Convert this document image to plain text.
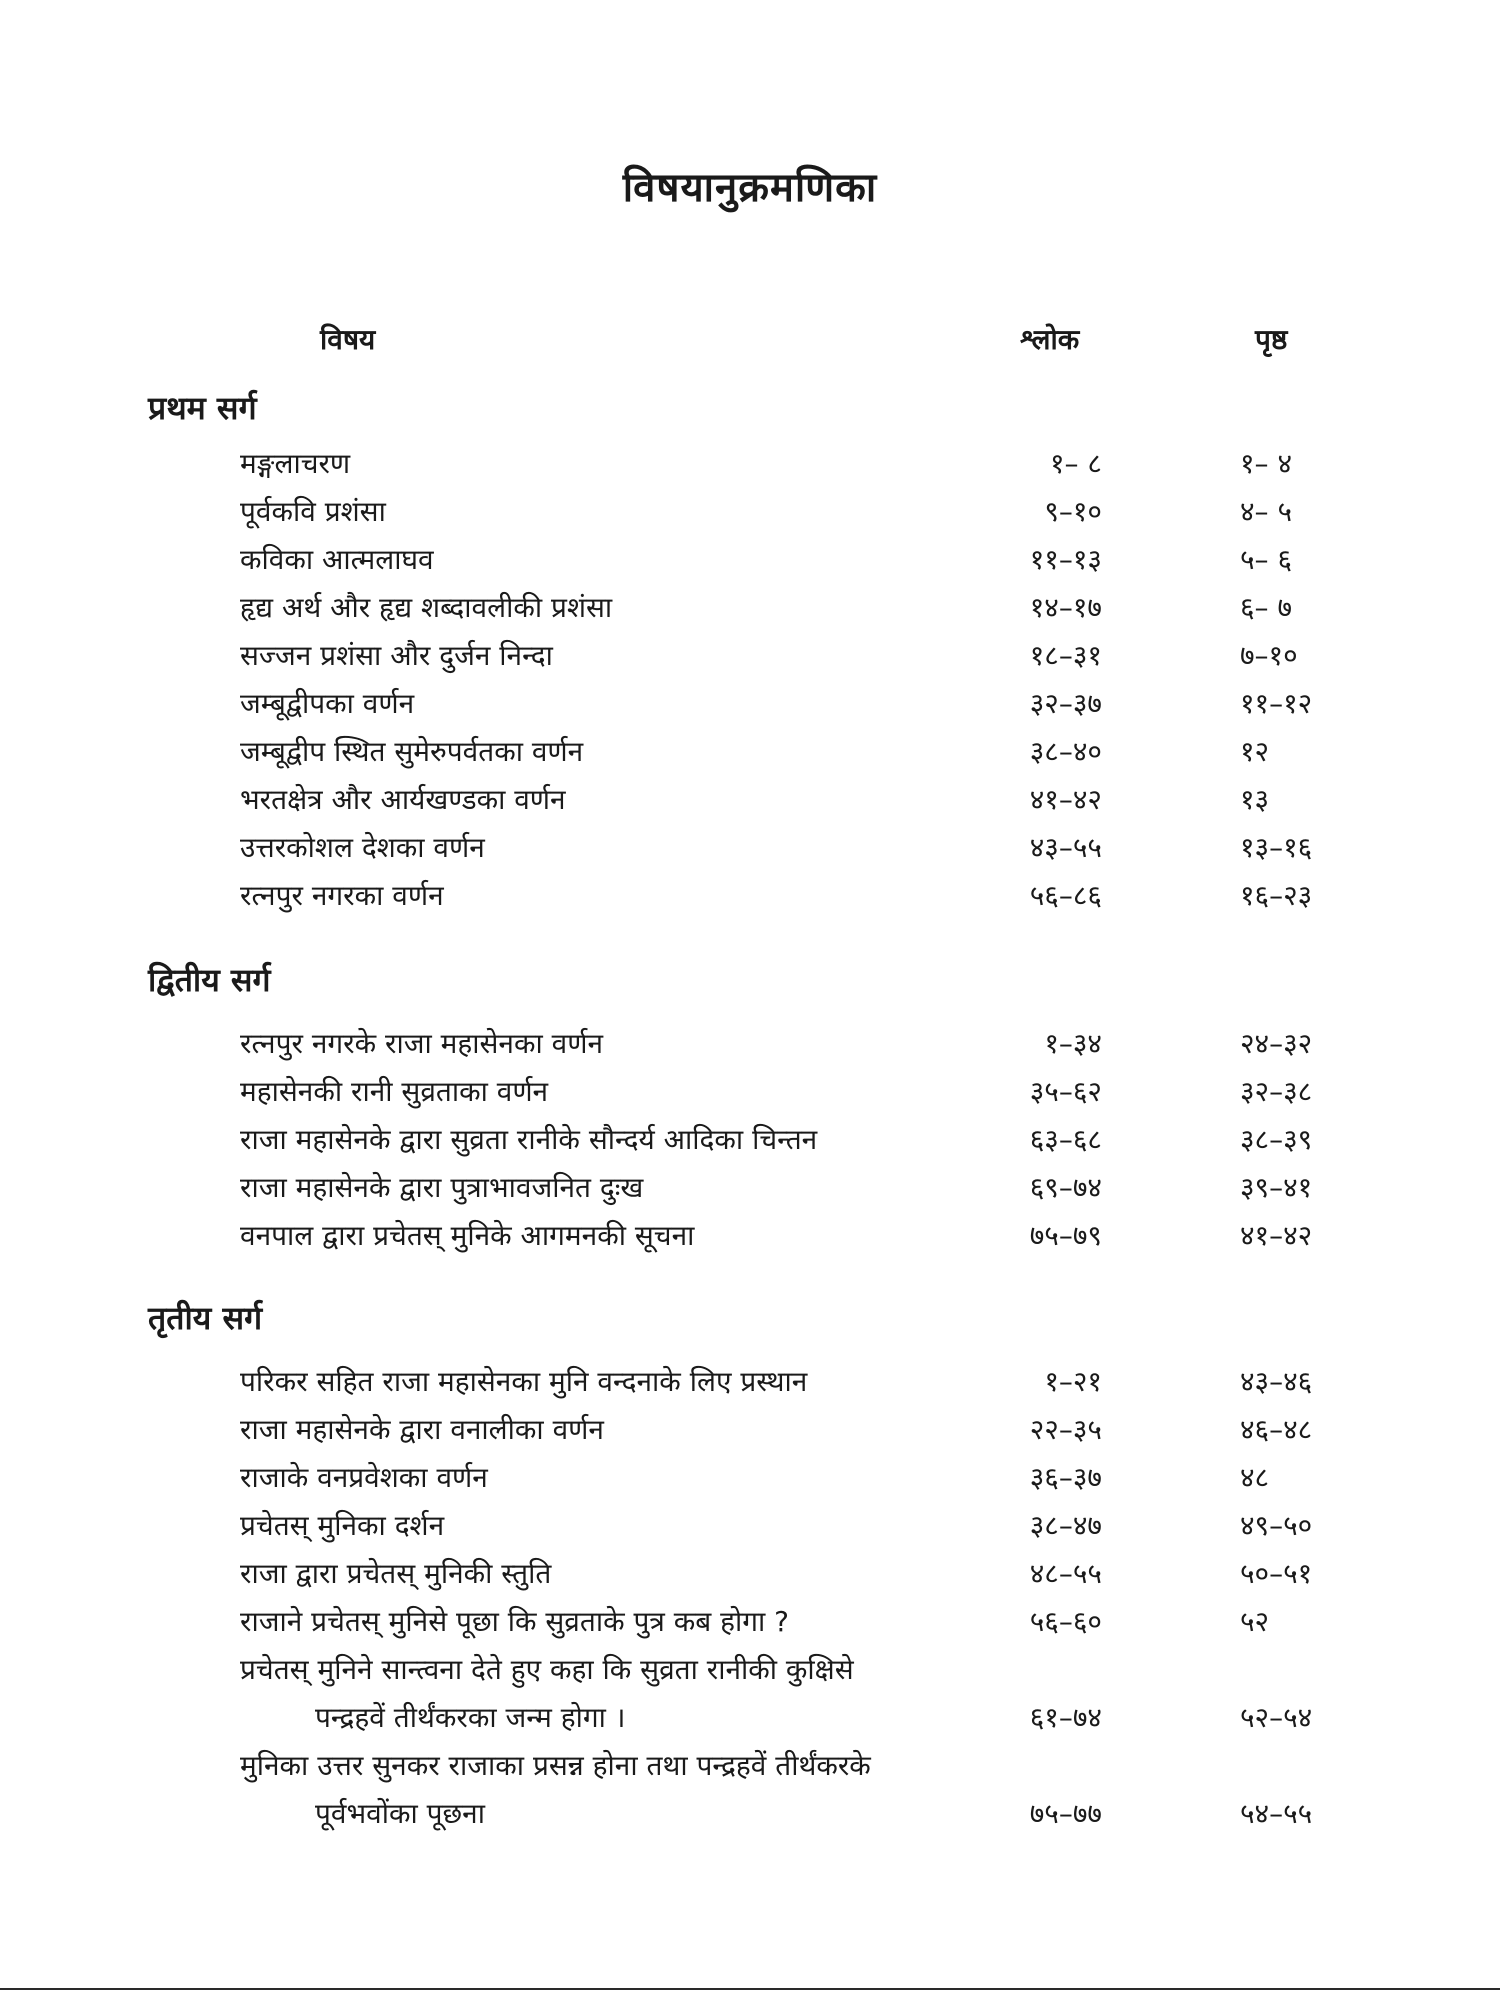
विषयानुक्रमणिका
विषय	श्लोक	पृष्ठ
प्रथम सर्ग
मङ्गलाचरण	१– ८	१– ४
पूर्वकवि प्रशंसा	९–१०	४– ५
कविका आत्मलाघव	११–१३	५– ६
हृद्य अर्थ और हृद्य शब्दावलीकी प्रशंसा	१४–१७	६– ७
सज्जन प्रशंसा और दुर्जन निन्दा	१८–३१	७–१०
जम्बूद्वीपका वर्णन	३२–३७	११–१२
जम्बूद्वीप स्थित सुमेरुपर्वतका वर्णन	३८–४०	१२
भरतक्षेत्र और आर्यखण्डका वर्णन	४१–४२	१३
उत्तरकोशल देशका वर्णन	४३–५५	१३–१६
रत्नपुर नगरका वर्णन	५६–८६	१६–२३
द्वितीय सर्ग
रत्नपुर नगरके राजा महासेनका वर्णन	१–३४	२४–३२
महासेनकी रानी सुव्रताका वर्णन	३५–६२	३२–३८
राजा महासेनके द्वारा सुव्रता रानीके सौन्दर्य आदिका चिन्तन	६३–६८	३८–३९
राजा महासेनके द्वारा पुत्राभावजनित दुःख	६९–७४	३९–४१
वनपाल द्वारा प्रचेतस् मुनिके आगमनकी सूचना	७५–७९	४१–४२
तृतीय सर्ग
परिकर सहित राजा महासेनका मुनि वन्दनाके लिए प्रस्थान	१–२१	४३–४६
राजा महासेनके द्वारा वनालीका वर्णन	२२–३५	४६–४८
राजाके वनप्रवेशका वर्णन	३६–३७	४८
प्रचेतस् मुनिका दर्शन	३८–४७	४९–५०
राजा द्वारा प्रचेतस् मुनिकी स्तुति	४८–५५	५०–५१
राजाने प्रचेतस् मुनिसे पूछा कि सुव्रताके पुत्र कब होगा ?	५६–६०	५२
प्रचेतस् मुनिने सान्त्वना देते हुए कहा कि सुव्रता रानीकी कुक्षिसे
पन्द्रहवें तीर्थंकरका जन्म होगा ।	६१–७४	५२–५४
मुनिका उत्तर सुनकर राजाका प्रसन्न होना तथा पन्द्रहवें तीर्थंकरके
पूर्वभवोंका पूछना	७५–७७	५४–५५
